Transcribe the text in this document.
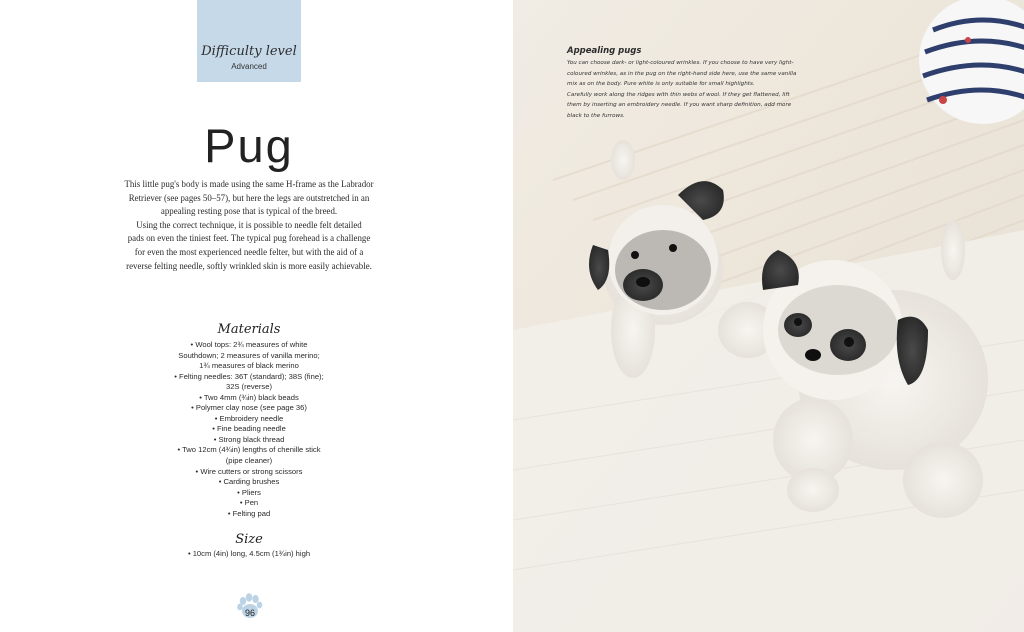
Difficulty level
Advanced
Pug
This little pug's body is made using the same H-frame as the Labrador
Retriever (see pages 50–57), but here the legs are outstretched in an
appealing resting pose that is typical of the breed.
Using the correct technique, it is possible to needle felt detailed
pads on even the tiniest feet. The typical pug forehead is a challenge
for even the most experienced needle felter, but with the aid of a
reverse felting needle, softly wrinkled skin is more easily achievable.
Materials
• Wool tops: 2¾ measures of white
Southdown; 2 measures of vanilla merino;
1¾ measures of black merino
• Felting needles: 36T (standard); 38S (fine);
32S (reverse)
• Two 4mm (¾in) black beads
• Polymer clay nose (see page 36)
• Embroidery needle
• Fine beading needle
• Strong black thread
• Two 12cm (4¾in) lengths of chenille stick
(pipe cleaner)
• Wire cutters or strong scissors
• Carding brushes
• Pliers
• Pen
• Felting pad
Size
• 10cm (4in) long, 4.5cm (1¾in) high
96
Appealing pugs
You can choose dark- or light-coloured wrinkles. If you choose to have very light-
coloured wrinkles, as in the pug on the right-hand side here, use the same vanilla
mix as on the body. Pure white is only suitable for small highlights.
Carefully work along the ridges with thin webs of wool. If they get flattened, lift
them by inserting an embroidery needle. If you want sharp definition, add more
black to the furrows.
